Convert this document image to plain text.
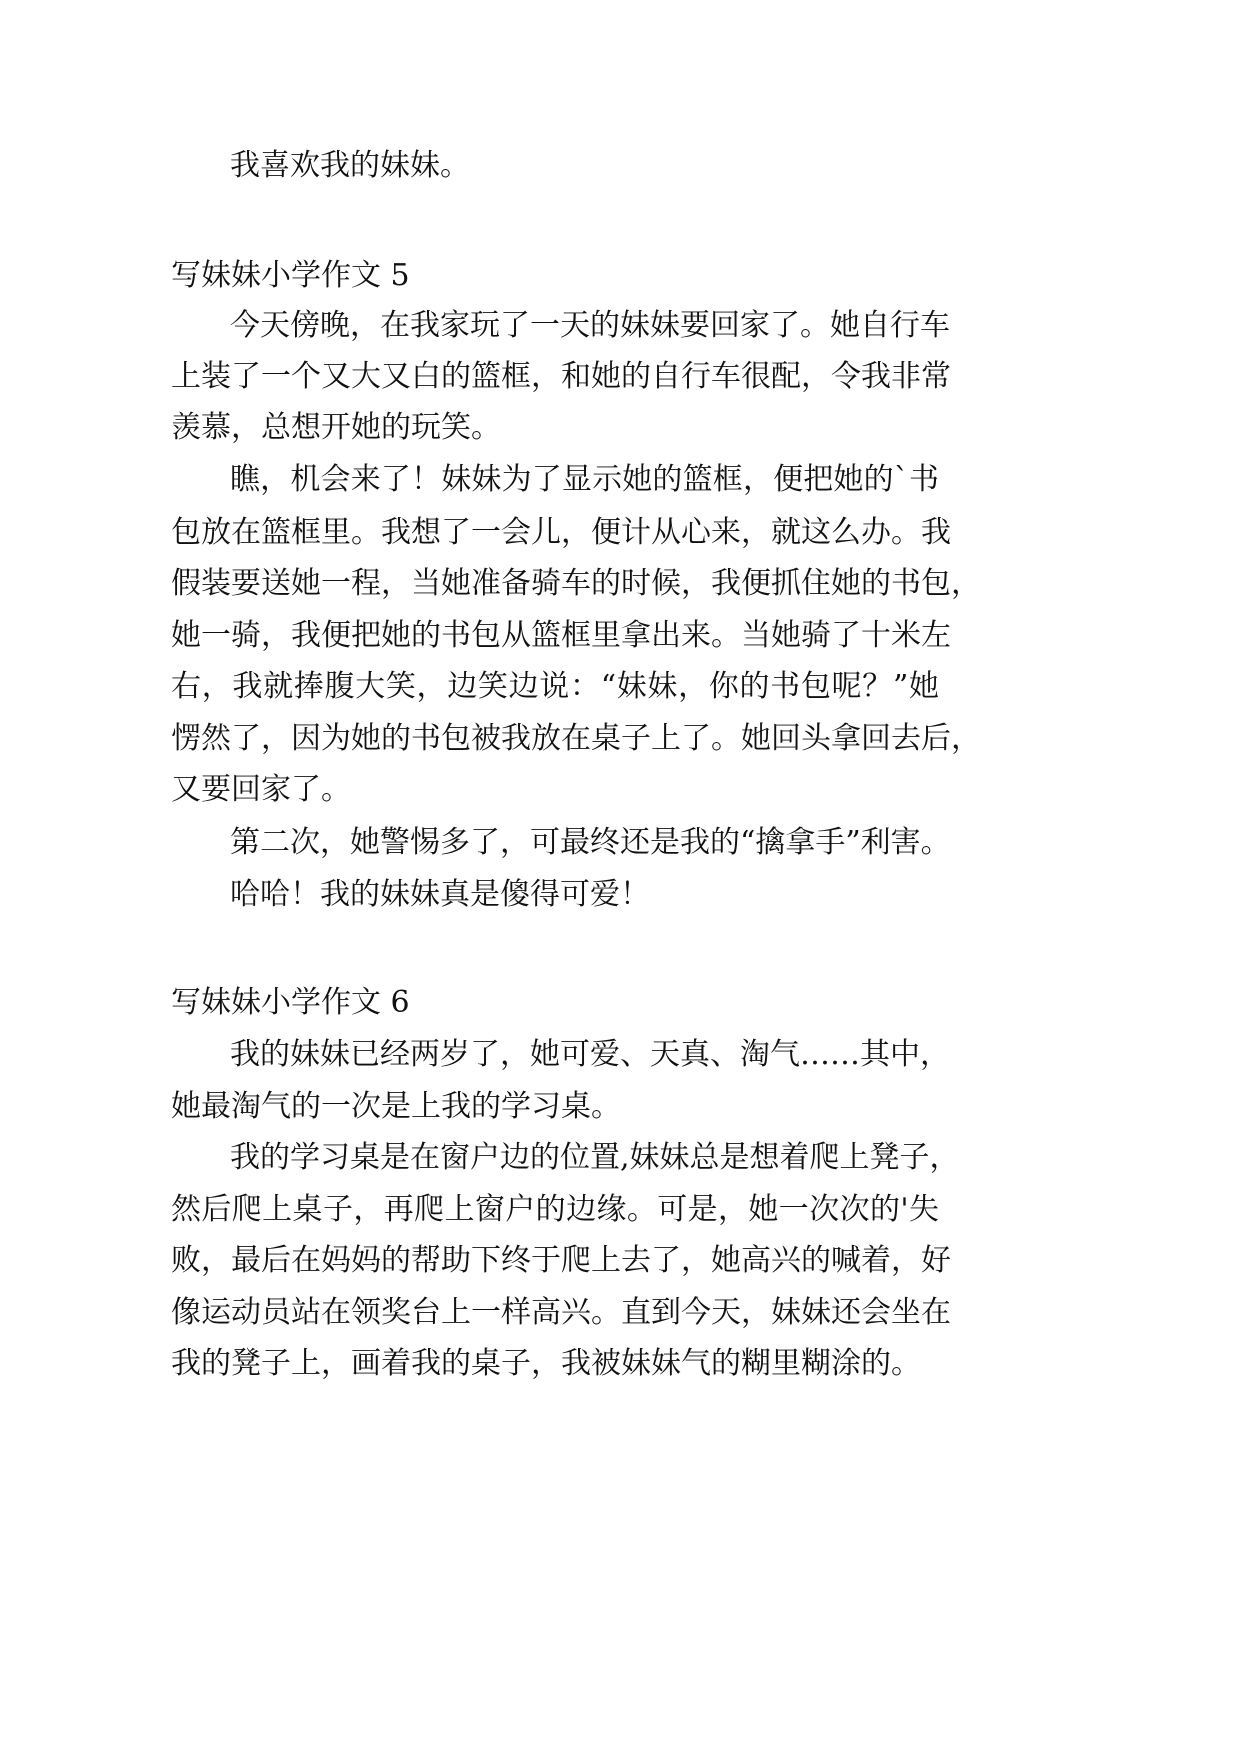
我喜欢我的妹妹。
写妹妹小学作文 5
今天傍晚，在我家玩了一天的妹妹要回家了。她自行车
上装了一个又大又白的篮框，和她的自行车很配，令我非常
羡慕，总想开她的玩笑。
瞧，机会来了！妹妹为了显示她的篮框，便把她的`书
包放在篮框里。我想了一会儿，便计从心来，就这么办。我
假装要送她一程，当她准备骑车的时候，我便抓住她的书包，
她一骑，我便把她的书包从篮框里拿出来。当她骑了十米左
右，我就捧腹大笑，边笑边说：“妹妹，你的书包呢？”她
愣然了，因为她的书包被我放在桌子上了。她回头拿回去后，
又要回家了。
第二次，她警惕多了，可最终还是我的“擒拿手”利害。
哈哈！我的妹妹真是傻得可爱！
写妹妹小学作文 6
我的妹妹已经两岁了，她可爱、天真、淘气……其中，
她最淘气的一次是上我的学习桌。
我的学习桌是在窗户边的位置,妹妹总是想着爬上凳子，
然后爬上桌子，再爬上窗户的边缘。可是，她一次次的'失
败，最后在妈妈的帮助下终于爬上去了，她高兴的喊着，好
像运动员站在领奖台上一样高兴。直到今天，妹妹还会坐在
我的凳子上，画着我的桌子，我被妹妹气的糊里糊涂的。
